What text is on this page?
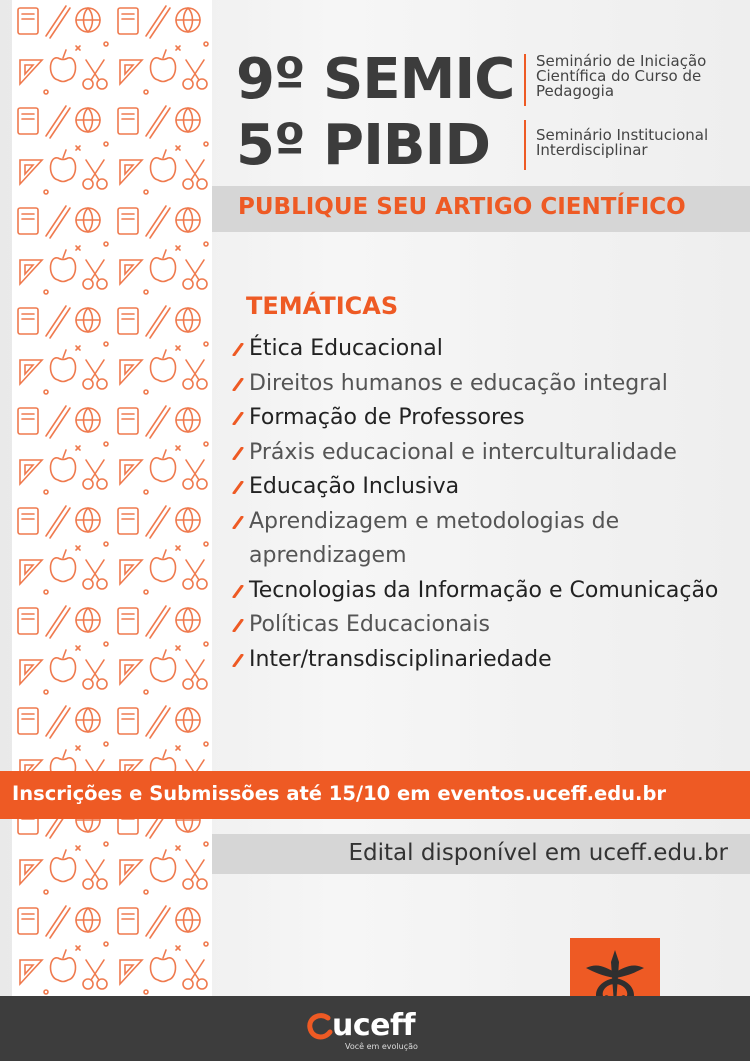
9º SEMIC Seminário de Iniciação Científica do Curso de Pedagogia
5º PIBID	Seminário Institucional Interdisciplinar
PUBLIQUE SEU ARTIGO CIENTÍFICO
TEMÁTICAS
Ética Educacional
Direitos humanos e educação integral
Formação de Professores
Práxis educacional e interculturalidade
Educação Inclusiva
Aprendizagem e metodologias de
aprendizagem
Tecnologias da Informação e Comunicação
Políticas Educacionais
Inter/transdisciplinariedade
Inscrições e Submissões até 15/10 em eventos.uceff.edu.br
Edital disponível em uceff.edu.br
uceff
Você em evolução
